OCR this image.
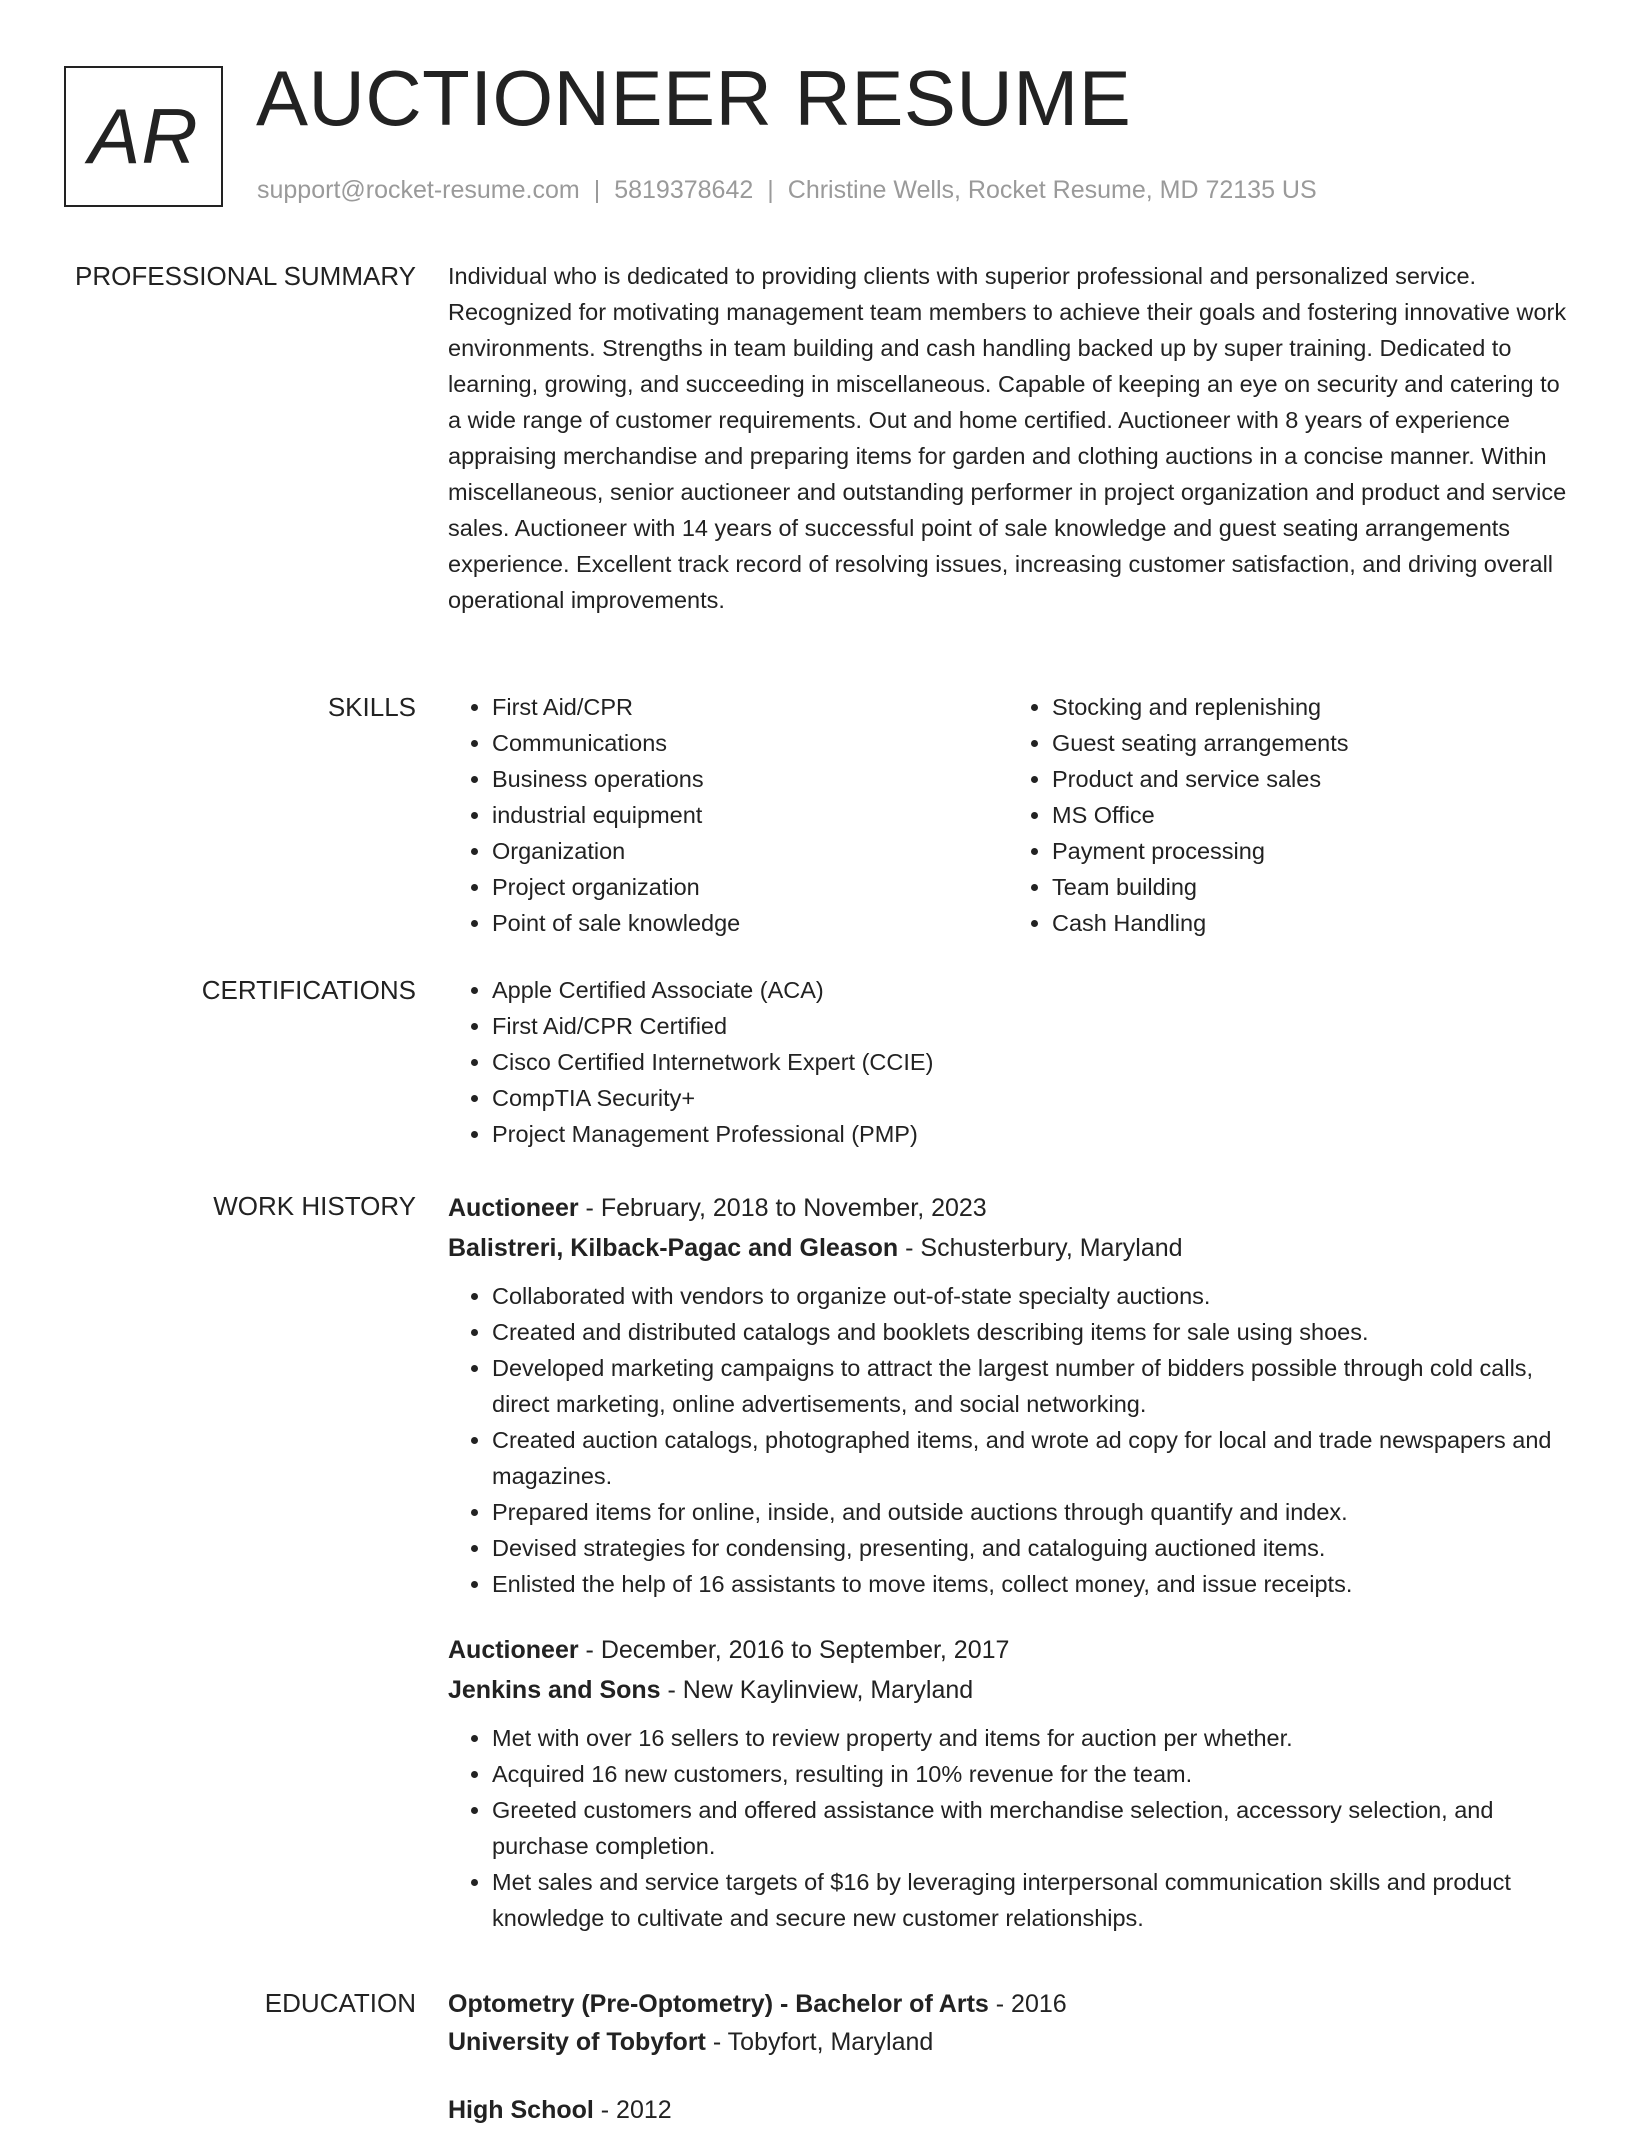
AR AUCTIONEER RESUME
support@rocket-resume.com | 5819378642 | Christine Wells, Rocket Resume, MD 72135 US
PROFESSIONAL SUMMARY Individual who is dedicated to providing clients with superior professional and personalized service. Recognized for motivating management team members to achieve their goals and fostering innovative work environments. Strengths in team building and cash handling backed up by super training. Dedicated to learning, growing, and succeeding in miscellaneous. Capable of keeping an eye on security and catering to a wide range of customer requirements. Out and home certified. Auctioneer with 8 years of experience appraising merchandise and preparing items for garden and clothing auctions in a concise manner. Within miscellaneous, senior auctioneer and outstanding performer in project organization and product and service sales. Auctioneer with 14 years of successful point of sale knowledge and guest seating arrangements experience. Excellent track record of resolving issues, increasing customer satisfaction, and driving overall operational improvements.

SKILLS	• First Aid/CPR
• Communications
• Business operations
• industrial equipment
• Organization
• Project organization
• Point of sale knowledge
• Stocking and replenishing
• Guest seating arrangements
• Product and service sales
• MS Office
• Payment processing
• Team building
• Cash Handling
CERTIFICATIONS	• Apple Certified Associate (ACA)
• First Aid/CPR Certified
• Cisco Certified Internetwork Expert (CCIE)
• CompTIA Security+
• Project Management Professional (PMP)
WORK HISTORY Auctioneer - February, 2018 to November, 2023
Balistreri, Kilback-Pagac and Gleason - Schusterbury, Maryland
• Collaborated with vendors to organize out-of-state specialty auctions.
• Created and distributed catalogs and booklets describing items for sale using shoes.
• Developed marketing campaigns to attract the largest number of bidders possible through cold calls, direct marketing, online advertisements, and social networking.
• Created auction catalogs, photographed items, and wrote ad copy for local and trade newspapers and magazines.
• Prepared items for online, inside, and outside auctions through quantify and index.
• Devised strategies for condensing, presenting, and cataloguing auctioned items.
• Enlisted the help of 16 assistants to move items, collect money, and issue receipts.
Auctioneer - December, 2016 to September, 2017
Jenkins and Sons - New Kaylinview, Maryland
• Met with over 16 sellers to review property and items for auction per whether.
• Acquired 16 new customers, resulting in 10% revenue for the team.
• Greeted customers and offered assistance with merchandise selection, accessory selection, and purchase completion.
• Met sales and service targets of $16 by leveraging interpersonal communication skills and product knowledge to cultivate and secure new customer relationships.
EDUCATION Optometry (Pre-Optometry) - Bachelor of Arts - 2016
University of Tobyfort - Tobyfort, Maryland
High School - 2012
